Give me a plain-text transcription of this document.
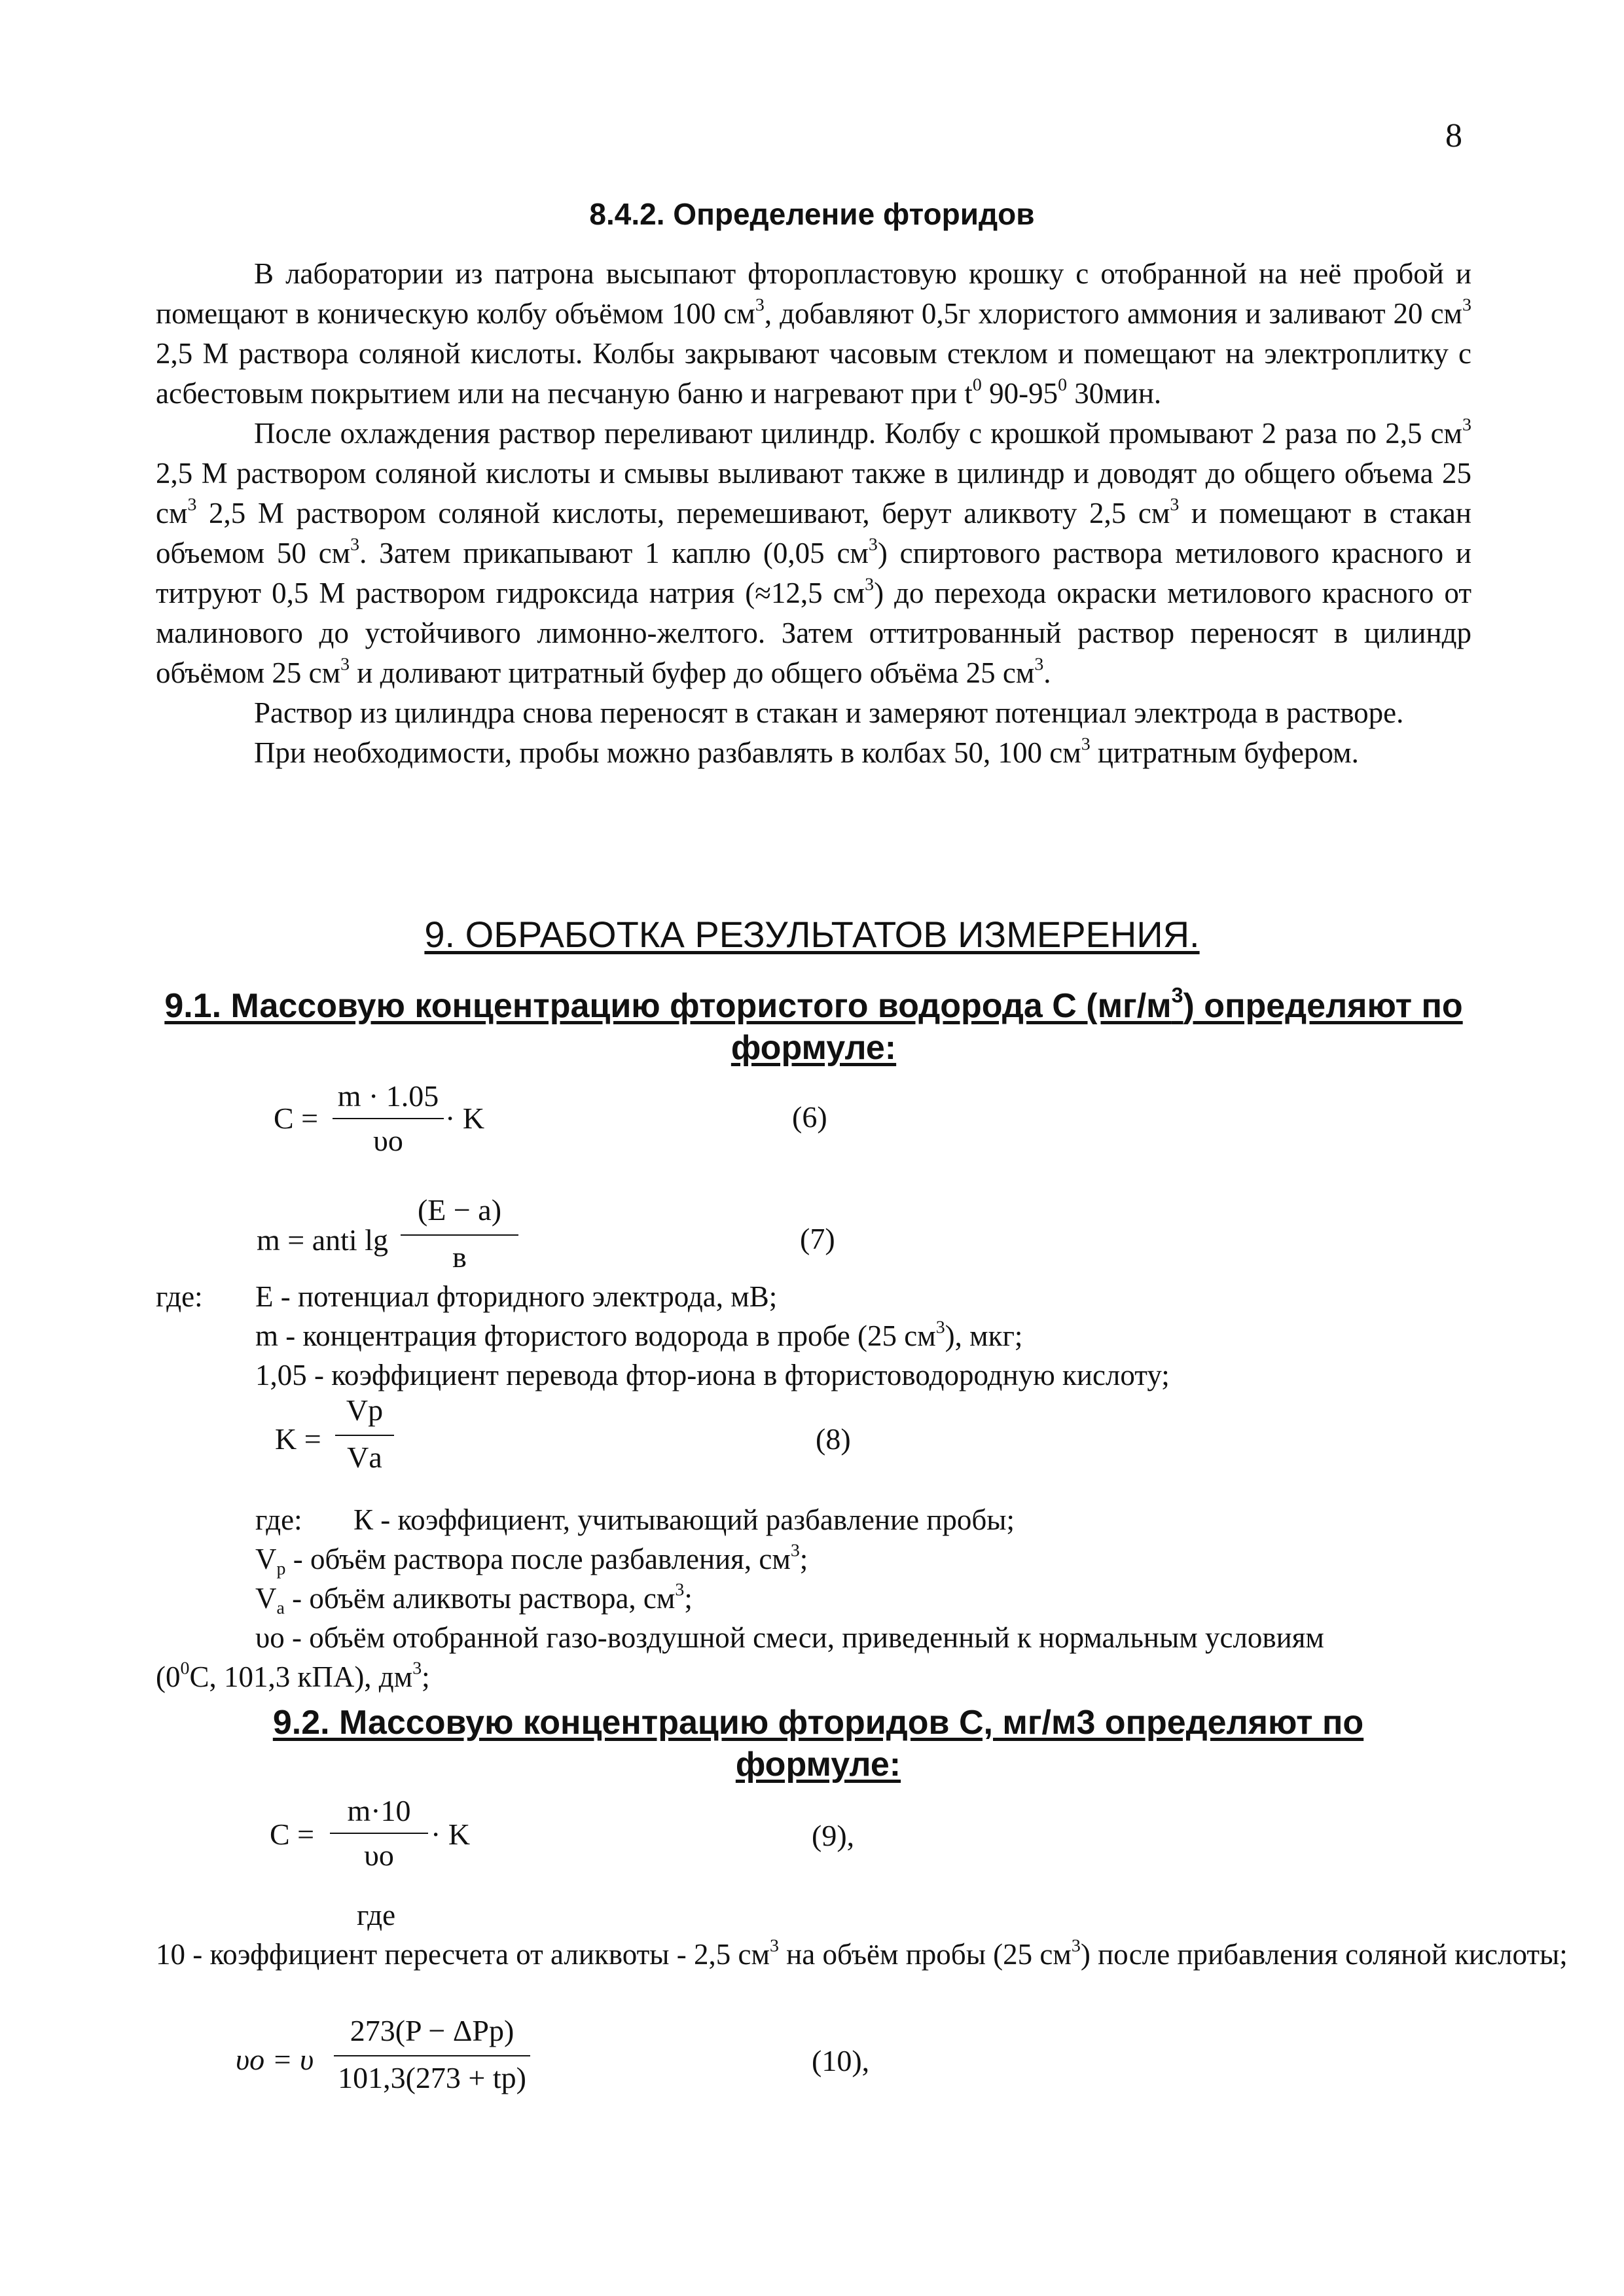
8
8.4.2. Определение фторидов

В лаборатории из патрона высыпают фторопластовую крошку с отобранной на неё пробой и помещают в коническую колбу объёмом 100 $см^3$, добавляют 0,5г хлористого аммония и заливают 20 $см^3$ 2,5 М раствора соляной кислоты. Колбы закрывают часовым стеклом и помещают на электроплитку с асбестовым покрытием или на песчаную баню и нагревают при $t^0$ $90-95^0$ 30мин.

После охлаждения раствор переливают цилиндр. Колбу с крошкой промывают 2 раза по 2,5 $см^3$ 2,5 М раствором соляной кислоты и смывы выливают также в цилиндр и доводят до общего объема 25 $см^3$ 2,5 М раствором соляной кислоты, перемешивают, берут аликвоту 2,5 $см^3$ и помещают в стакан объемом 50 $см^3$. Затем прикапывают 1 каплю (0,05 $см^3$) спиртового раствора метилового красного и титруют 0,5 М раствором гидроксида натрия (≈12,5 $см^3$) до перехода окраски метилового красного от малинового до устойчивого лимонно-желтого. Затем оттитрованный раствор переносят в цилиндр объёмом 25 $см^3$ и доливают цитратный буфер до общего объёма 25 $см^3$.

Раствор из цилиндра снова переносят в стакан и замеряют потенциал электрода в растворе.

При необходимости, пробы можно разбавлять в колбах 50, 100 $см^3$ цитратным буфером.

9. ОБРАБОТКА РЕЗУЛЬТАТОВ ИЗМЕРЕНИЯ.
9.1. Массовую концентрацию фтористого водорода С $(мг/м^3)$ определяют по формуле:
C =
m · 1.05
υo
· K	(6)
m = anti lg
(E − a)
в
(7)
где: Е - потенциал фторидного электрода, мВ;
m - концентрация фтористого водорода в пробе (25 $см^3$), мкг;
1,05 - коэффициент перевода фтор-иона в фтористоводородную кислоту;
K =
Vр
Vа
(8)
где: К - коэффициент, учитывающий разбавление пробы;
$V_р$ - объём раствора после разбавления, $см^3$;
$V_а$ - объём аликвоты раствора, $см^3$;
υо - объём отобранной газо-воздушной смеси, приведенный к нормальным условиям
($0^0С$, 101,3 кПА), $дм^3$;
9.2. Массовую концентрацию фторидов С, мг/м3 определяют по формуле:
C =
m·10
υo
· K	(9),
где
10 - коэффициент пересчета от аликвоты - 2,5 $см^3$ на объём пробы (25 $см^3$) после прибавления соляной кислоты;
υo = υ
273(P − ΔPр)
101,3(273 + tр)
(10),
